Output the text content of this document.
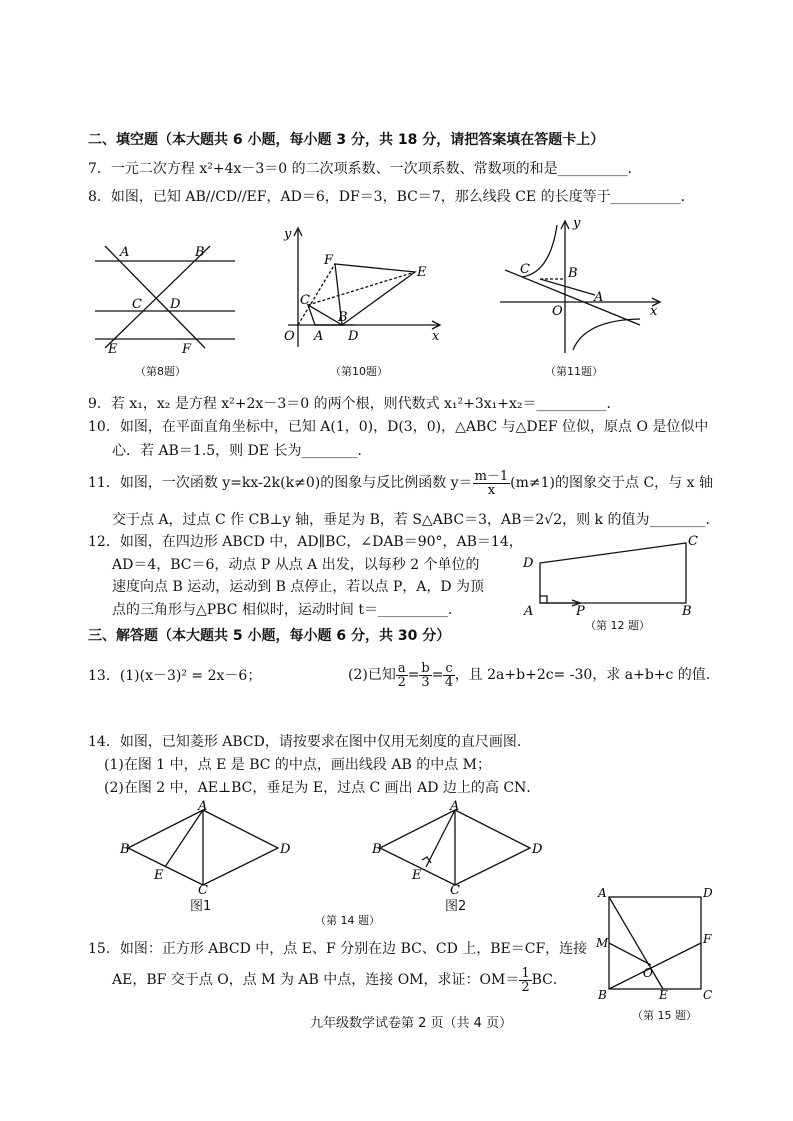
二、填空题（本大题共 6 小题，每小题 3 分，共 18 分，请把答案填在答题卡上）
7．一元二次方程 x²+4x－3＝0 的二次项系数、一次项系数、常数项的和是__________．
8．如图，已知 AB//CD//EF，AD＝6，DF＝3，BC＝7，那么线段 CE 的长度等于__________．
A	B
C D
E	F
（第8题）
y
x
O A
B
C
D
E
F
（第10题）
y
x
O
A
B
C
（第11题）
9．若 x₁，x₂ 是方程 x²+2x－3＝0 的两个根，则代数式 x₁²+3x₁+x₂＝__________．
10．如图，在平面直角坐标中，已知 A(1，0)，D(3，0)，△ABC 与△DEF 位似，原点 O 是位似中
心．若 AB＝1.5，则 DE 长为________．
11．如图，一次函数 y=kx-2k(k≠0)的图象与反比例函数 $y= \frac{m-1}{x} (m\ne 1)$的图象交于点 C，与 x 轴
交于点 A，过点 C 作 CB⊥y 轴，垂足为 B，若 S△ABC＝3，AB＝2√2，则 k 的值为________．
12．如图，在四边形 ABCD 中，AD∥BC，∠DAB＝90°，AB＝14，
AD＝4，BC＝6，动点 P 从点 A 出发，以每秒 2 个单位的
速度向点 B 运动，运动到 B 点停止，若以点 P，A，D 为顶
点的三角形与△PBC 相似时，运动时间 t＝__________．
D
C
A	P	B
（第 12 题）
三、解答题（本大题共 5 小题，每小题 6 分，共 30 分）
13．(1)(x－3)² = 2x－6；	(2)已知 $\frac{a}{2} = \frac{b}{3} = \frac{c}{4}$ ，且 2a+b+2c= -30，求 a+b+c 的值.
14．如图，已知菱形 ABCD，请按要求在图中仅用无刻度的直尺画图．
(1)在图 1 中，点 E 是 BC 的中点，画出线段 AB 的中点 M；
(2)在图 2 中，AE⊥BC，垂足为 E，过点 C 画出 AD 边上的高 CN．
A
B
C
D
E
图1
A
B
C
D
E
图2
（第 14 题）
15．如图：正方形 ABCD 中，点 E、F 分别在边 BC、CD 上，BE＝CF，连接
AE，BF 交于点 O，点 M 为 AB 中点，连接 OM，求证：$OM= \frac{1}{2}$ BC．
A	D
M	F
O
B	E	C
（第 15 题）
九年级数学试卷第 2 页（共 4 页）
